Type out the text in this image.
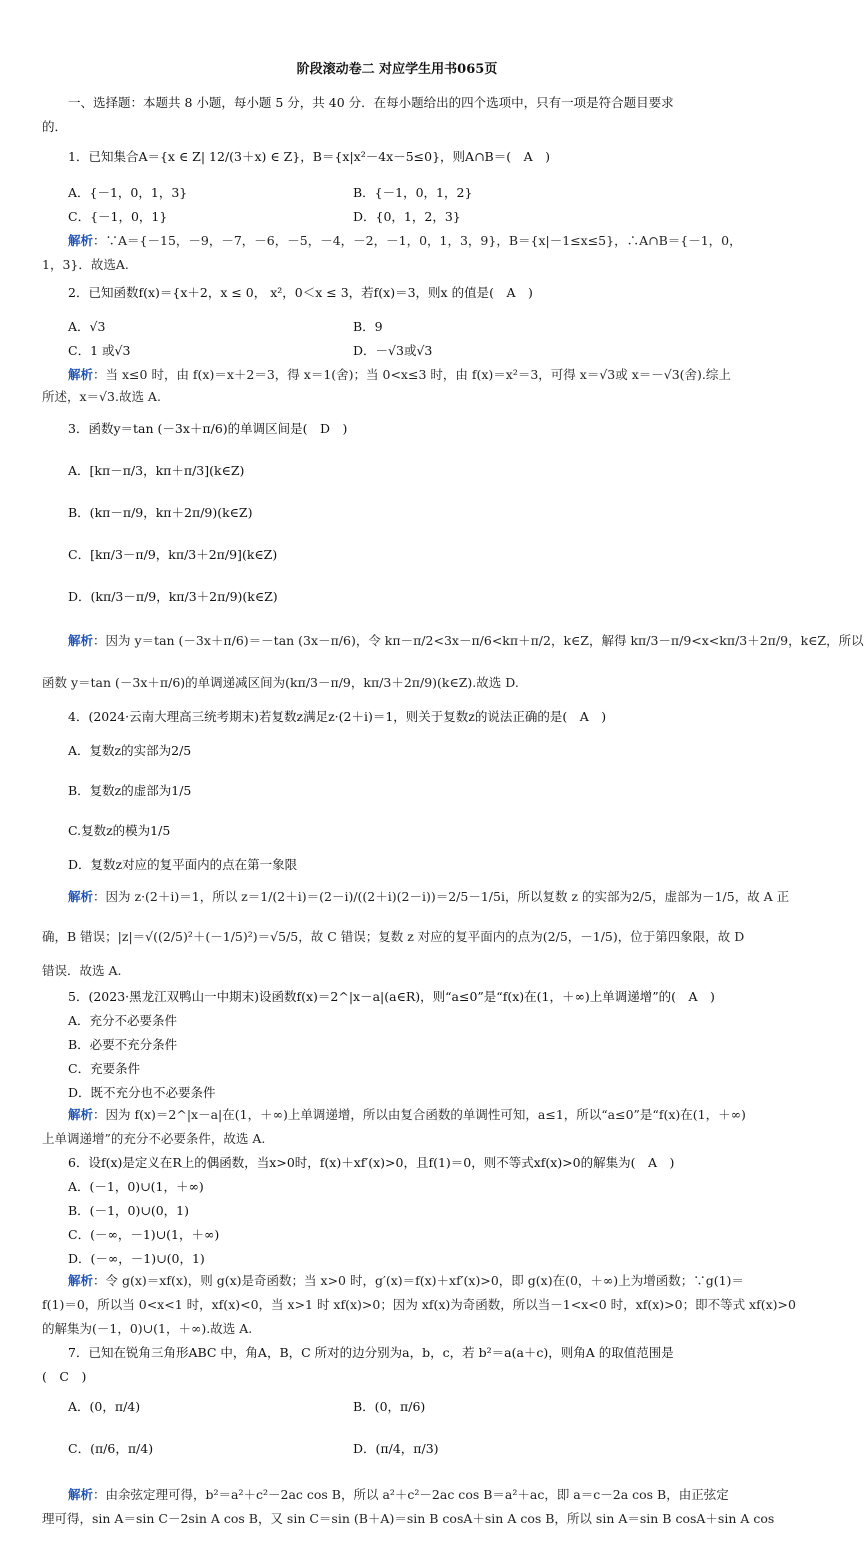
阶段滚动卷二 对应学生用书065页
一、选择题：本题共 8 小题，每小题 5 分，共 40 分．在每小题给出的四个选项中，只有一项是符合题目要求
的．
1．已知集合A＝{x ∈ Z| 12/(3＋x) ∈ Z}，B＝{x|x²－4x－5≤0}，则A∩B＝(　A　)
A．{－1，0，1，3}	B．{－1，0，1，2}
C．{－1，0，1}	D．{0，1，2，3}
解析：∵A＝{－15，－9，－7，－6，－5，－4，－2，－1，0，1，3，9}，B＝{x|－1≤x≤5}，∴A∩B＝{－1，0，
1，3}．故选A.
2．已知函数f(x)＝{x＋2，x ≤ 0， x²，0＜x ≤ 3，若f(x)＝3，则x 的值是(　A　)
A．√3	B．9
C．1 或√3	D．－√3或√3
解析：当 x≤0 时，由 f(x)＝x＋2＝3，得 x＝1(舍)；当 0<x≤3 时，由 f(x)＝x²＝3，可得 x＝√3或 x＝－√3(舍).综上
所述，x＝√3.故选 A.
3．函数y＝tan (－3x＋π/6)的单调区间是(　D　)
A．[kπ－π/3，kπ＋π/3](k∈Z)
B．(kπ－π/9，kπ＋2π/9)(k∈Z)
C．[kπ/3－π/9，kπ/3＋2π/9](k∈Z)
D．(kπ/3－π/9，kπ/3＋2π/9)(k∈Z)
解析：因为 y＝tan (－3x＋π/6)＝－tan (3x－π/6)，令 kπ－π/2<3x－π/6<kπ＋π/2，k∈Z，解得 kπ/3－π/9<x<kπ/3＋2π/9，k∈Z，所以
函数 y＝tan (－3x＋π/6)的单调递减区间为(kπ/3－π/9，kπ/3＋2π/9)(k∈Z).故选 D.
4．(2024·云南大理高三统考期末)若复数z满足z·(2＋i)＝1，则关于复数z的说法正确的是(　A　)
A．复数z的实部为2/5
B．复数z的虚部为1/5
C.复数z的模为1/5
D．复数z对应的复平面内的点在第一象限
解析：因为 z·(2＋i)＝1，所以 z＝1/(2＋i)＝(2－i)/((2＋i)(2－i))＝2/5－1/5i，所以复数 z 的实部为2/5，虚部为－1/5，故 A 正
确，B 错误；|z|＝√((2/5)²＋(－1/5)²)＝√5/5，故 C 错误；复数 z 对应的复平面内的点为(2/5，－1/5)，位于第四象限，故 D
错误．故选 A.
5．(2023·黑龙江双鸭山一中期末)设函数f(x)＝2^|x－a|(a∈R)，则“a≤0”是“f(x)在(1，＋∞)上单调递增”的(　A　)
A．充分不必要条件
B．必要不充分条件
C．充要条件
D．既不充分也不必要条件
解析：因为 f(x)＝2^|x－a|在(1，＋∞)上单调递增，所以由复合函数的单调性可知，a≤1，所以“a≤0”是“f(x)在(1，＋∞)
上单调递增”的充分不必要条件，故选 A.
6．设f(x)是定义在R上的偶函数，当x>0时，f(x)＋xf′(x)>0，且f(1)＝0，则不等式xf(x)>0的解集为(　A　)
A．(－1，0)∪(1，＋∞)
B．(－1，0)∪(0，1)
C．(－∞，－1)∪(1，＋∞)
D．(－∞，－1)∪(0，1)
解析：令 g(x)＝xf(x)，则 g(x)是奇函数；当 x>0 时，g′(x)＝f(x)＋xf′(x)>0，即 g(x)在(0，＋∞)上为增函数；∵g(1)＝
f(1)＝0，所以当 0<x<1 时，xf(x)<0，当 x>1 时 xf(x)>0；因为 xf(x)为奇函数，所以当－1<x<0 时，xf(x)>0；即不等式 xf(x)>0
的解集为(－1，0)∪(1，＋∞).故选 A.
7．已知在锐角三角形ABC 中，角A，B，C 所对的边分别为a，b，c，若 b²＝a(a＋c)，则角A 的取值范围是
(　C　)
A．(0，π/4)	B．(0，π/6)
C．(π/6，π/4)	D．(π/4，π/3)
解析：由余弦定理可得，b²＝a²＋c²－2ac cos B，所以 a²＋c²－2ac cos B＝a²＋ac，即 a＝c－2a cos B，由正弦定
理可得，sin A＝sin C－2sin A cos B，又 sin C＝sin (B＋A)＝sin B cosA＋sin A cos B，所以 sin A＝sin B cosA＋sin A cos
